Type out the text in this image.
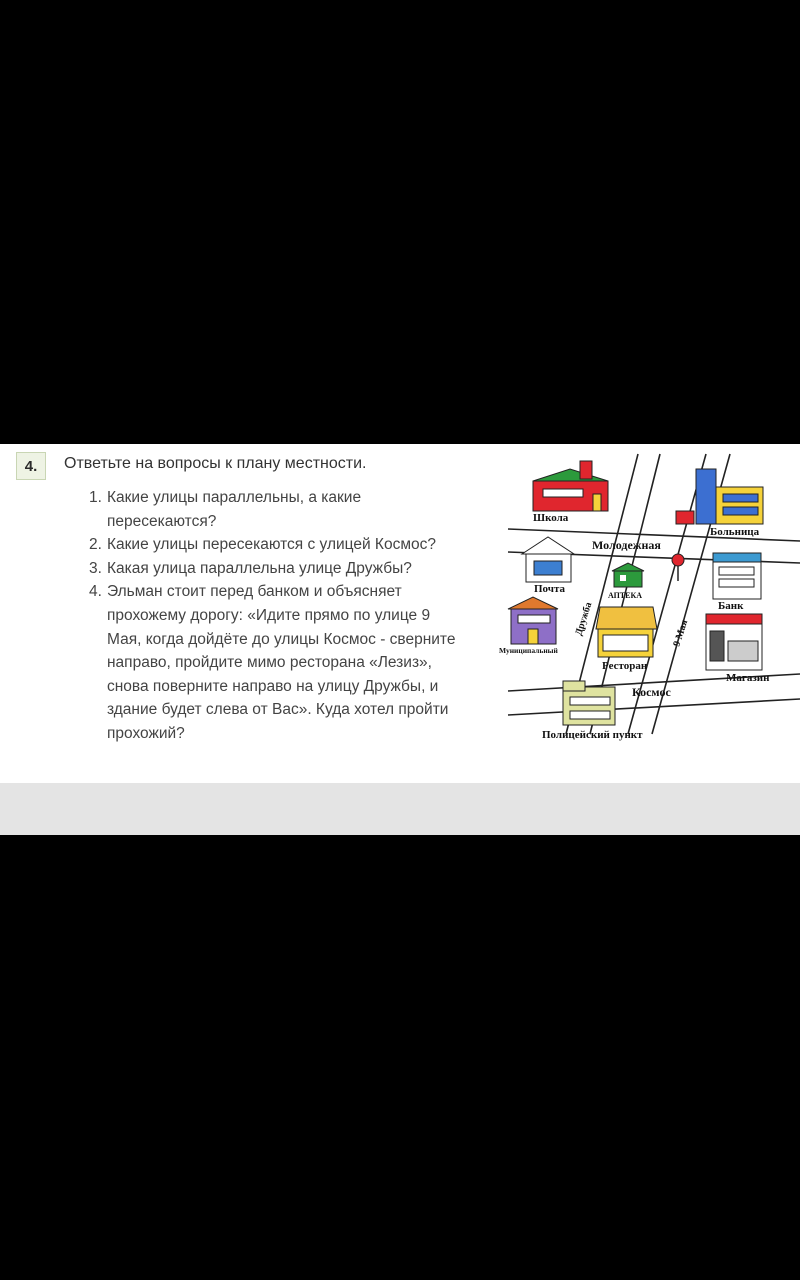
4.	Ответьте на вопросы к плану местности.
1. Какие улицы параллельны, а какие
пересекаются?
2. Какие улицы пересекаются с улицей Космос?
3. Какая улица параллельна улице Дружбы?
4. Эльман стоит перед банком и объясняет
прохожему дорогу: «Идите прямо по улице 9
Мая, когда дойдёте до улицы Космос - сверните
направо, пройдите мимо ресторана «Лезиз»,
снова поверните направо на улицу Дружбы, и
здание будет слева от Вас». Куда хотел пройти
прохожий?
Школа
Больница
Почта
Молодежная
АПТЕКА
Банк
Муниципальный
Дружба
Ресторан
9 Мая
Магазин
Космос
Полицейский пункт
